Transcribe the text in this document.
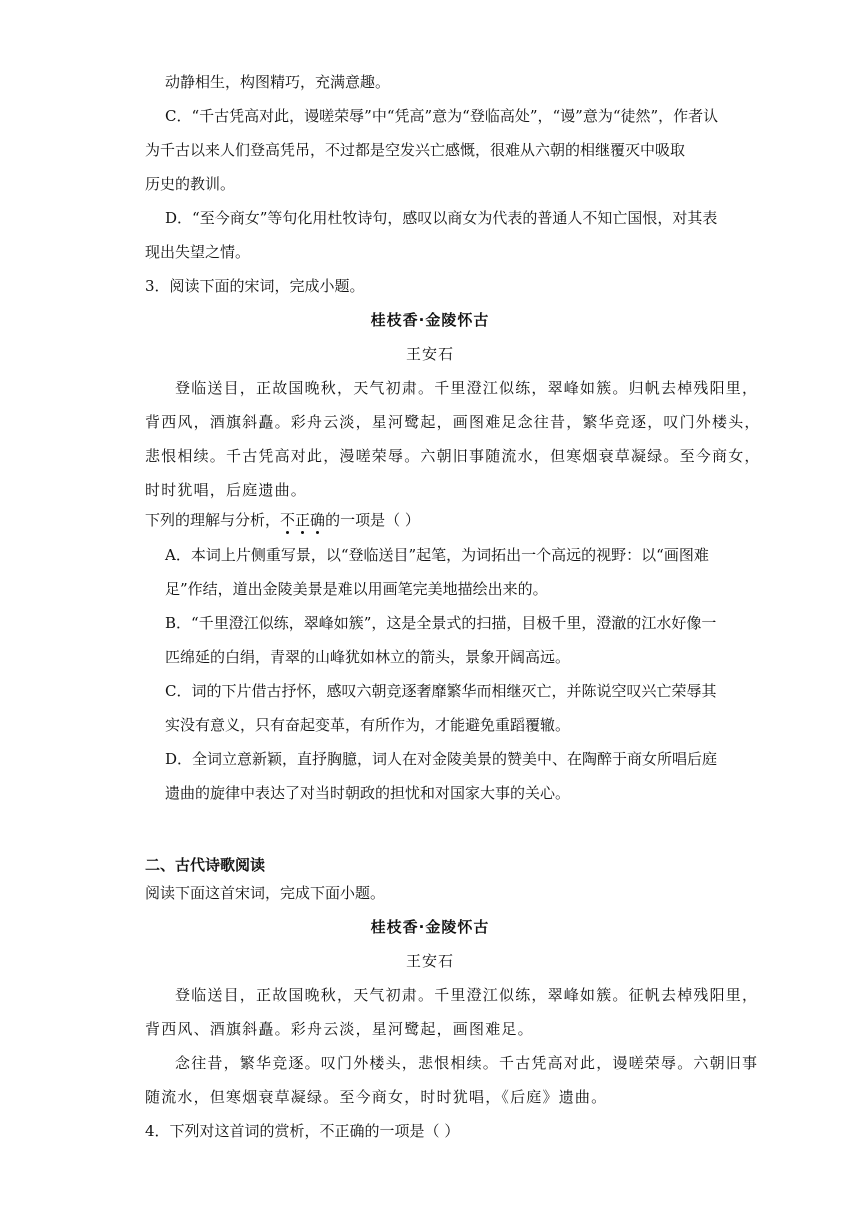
动静相生，构图精巧，充满意趣。
C．“千古凭高对此，谩嗟荣辱”中“凭高”意为“登临高处”，“谩”意为“徒然”，作者认
为千古以来人们登高凭吊，不过都是空发兴亡感慨，很难从六朝的相继覆灭中吸取
历史的教训。
D．“至今商女”等句化用杜牧诗句，感叹以商女为代表的普通人不知亡国恨，对其表
现出失望之情。
3．阅读下面的宋词，完成小题。
桂枝香·金陵怀古
王安石
登临送目，正故国晚秋，天气初肃。千里澄江似练，翠峰如簇。归帆去棹残阳里，
背西风，酒旗斜矗。彩舟云淡，星河鹭起，画图难足念往昔，繁华竞逐，叹门外楼头，
悲恨相续。千古凭高对此，漫嗟荣辱。六朝旧事随流水，但寒烟衰草凝绿。至今商女，
时时犹唱，后庭遗曲。
下列的理解与分析，不正确的一项是（ ）
A．本词上片侧重写景，以“登临送目”起笔，为词拓出一个高远的视野：以“画图难
足”作结，道出金陵美景是难以用画笔完美地描绘出来的。
B．“千里澄江似练，翠峰如簇”，这是全景式的扫描，目极千里，澄澈的江水好像一
匹绵延的白绢，青翠的山峰犹如林立的箭头，景象开阔高远。
C．词的下片借古抒怀，感叹六朝竞逐奢靡繁华而相继灭亡，并陈说空叹兴亡荣辱其
实没有意义，只有奋起变革，有所作为，才能避免重蹈覆辙。
D．全词立意新颖，直抒胸臆，词人在对金陵美景的赞美中、在陶醉于商女所唱后庭
遗曲的旋律中表达了对当时朝政的担忧和对国家大事的关心。
二、古代诗歌阅读
阅读下面这首宋词，完成下面小题。
桂枝香·金陵怀古
王安石
登临送目，正故国晚秋，天气初肃。千里澄江似练，翠峰如簇。征帆去棹残阳里，
背西风、酒旗斜矗。彩舟云淡，星河鹭起，画图难足。
念往昔，繁华竞逐。叹门外楼头，悲恨相续。千古凭高对此，谩嗟荣辱。六朝旧事
随流水，但寒烟衰草凝绿。至今商女，时时犹唱，《后庭》遗曲。
4．下列对这首词的赏析，不正确的一项是（ ）
